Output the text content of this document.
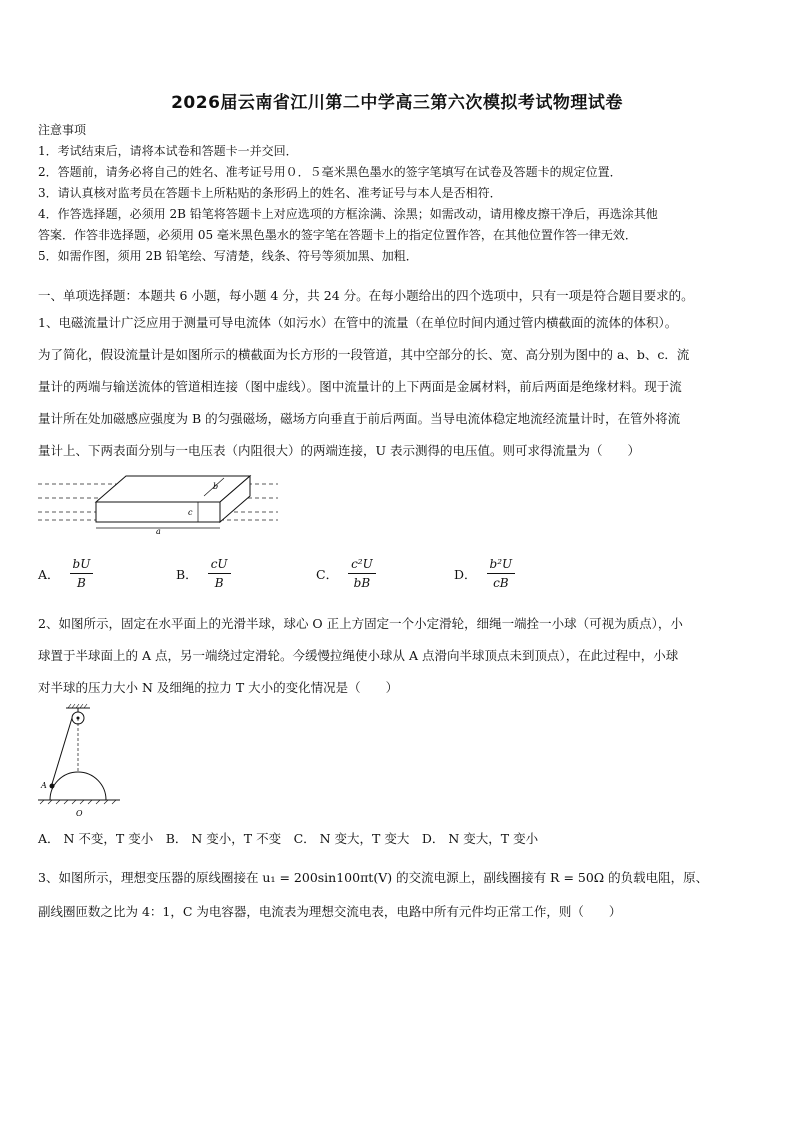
2026届云南省江川第二中学高三第六次模拟考试物理试卷
注意事项
1．考试结束后，请将本试卷和答题卡一并交回．
2．答题前，请务必将自己的姓名、准考证号用０．５毫米黑色墨水的签字笔填写在试卷及答题卡的规定位置．
3．请认真核对监考员在答题卡上所粘贴的条形码上的姓名、准考证号与本人是否相符．
4．作答选择题，必须用 2B 铅笔将答题卡上对应选项的方框涂满、涂黑；如需改动，请用橡皮擦干净后，再选涂其他
答案．作答非选择题，必须用 05 毫米黑色墨水的签字笔在答题卡上的指定位置作答，在其他位置作答一律无效．
5．如需作图，须用 2B 铅笔绘、写清楚，线条、符号等须加黑、加粗．
一、单项选择题：本题共 6 小题，每小题 4 分，共 24 分。在每小题给出的四个选项中，只有一项是符合题目要求的。
1、电磁流量计广泛应用于测量可导电流体（如污水）在管中的流量（在单位时间内通过管内横截面的流体的体积）。
为了简化，假设流量计是如图所示的横截面为长方形的一段管道，其中空部分的长、宽、高分别为图中的 a、b、c．流
量计的两端与输送流体的管道相连接（图中虚线）。图中流量计的上下两面是金属材料，前后两面是绝缘材料。现于流
量计所在处加磁感应强度为 B 的匀强磁场，磁场方向垂直于前后两面。当导电流体稳定地流经流量计时，在管外将流
量计上、下两表面分别与一电压表（内阻很大）的两端连接，U 表示测得的电压值。则可求得流量为（　　）
a
b
c
A． $\frac{bU}{B}$	B． $\frac{cU}{B}$	C． $\frac{\text{c²U}}{bB}$	D． $\frac{\text{b²U}}{cB}$
2、如图所示，固定在水平面上的光滑半球，球心 O 正上方固定一个小定滑轮，细绳一端拴一小球（可视为质点），小
球置于半球面上的 A 点，另一端绕过定滑轮。今缓慢拉绳使小球从 A 点滑向半球顶点未到顶点），在此过程中，小球
对半球的压力大小 N 及细绳的拉力 T 大小的变化情况是（　　）
A
O
A． N 不变，T 变小　B． N 变小，T 不变　C． N 变大，T 变大　D． N 变大，T 变小
3、如图所示，理想变压器的原线圈接在 u₁ = 200sin100πt(V) 的交流电源上，副线圈接有 R = 50Ω 的负载电阻，原、
副线圈匝数之比为 4：1，C 为电容器，电流表为理想交流电表，电路中所有元件均正常工作，则（　　）
